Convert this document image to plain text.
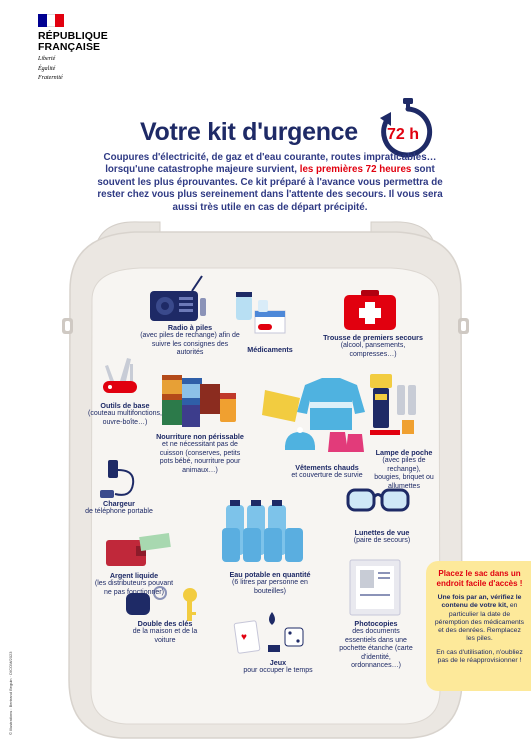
RÉPUBLIQUE
FRANÇAISE
Liberté
Égalité
Fraternité
Votre kit d'urgence 72 h
Coupures d'électricité, de gaz et d'eau courante, routes impraticables… lorsqu'une catastrophe majeure survient, les premières 72 heures sont souvent les plus éprouvantes. Ce kit préparé à l'avance vous permettra de rester chez vous plus sereinement dans l'attente des secours. Il vous sera aussi très utile en cas de départ précipité.
♥
Radio à piles
(avec piles de rechange) afin de suivre les consignes des autorités	Médicaments
Trousse de premiers secours
(alcool, pansements, compresses…)
Outils de base
(couteau multifonctions, ouvre-boîte…)
Nourriture non périssable
et ne nécessitant pas de cuisson (conserves, petits pots bébé, nourriture pour animaux…)	Vêtements chauds
et couverture de survie
Lampe de poche
(avec piles de rechange), bougies, briquet ou allumettes
Chargeur
de téléphone portable
Lunettes de vue
(paire de secours)
Argent liquide
(les distributeurs pouvant ne pas fonctionner)
Eau potable en quantité
(6 litres par personne en bouteilles)
Double des clés
de la maison et de la voiture
Jeux
pour occuper le temps
Photocopies
des documents essentiels dans une pochette étanche (carte d'identité, ordonnances…)
Placez le sac dans un endroit facile d'accès !

Une fois par an, vérifiez le contenu de votre kit, en particulier la date de péremption des médicaments et des denrées. Remplacez les piles.

En cas d'utilisation, n'oubliez pas de le réapprovisionner !

© Illustrations : Bertrand Beguin · DICOM/2023
